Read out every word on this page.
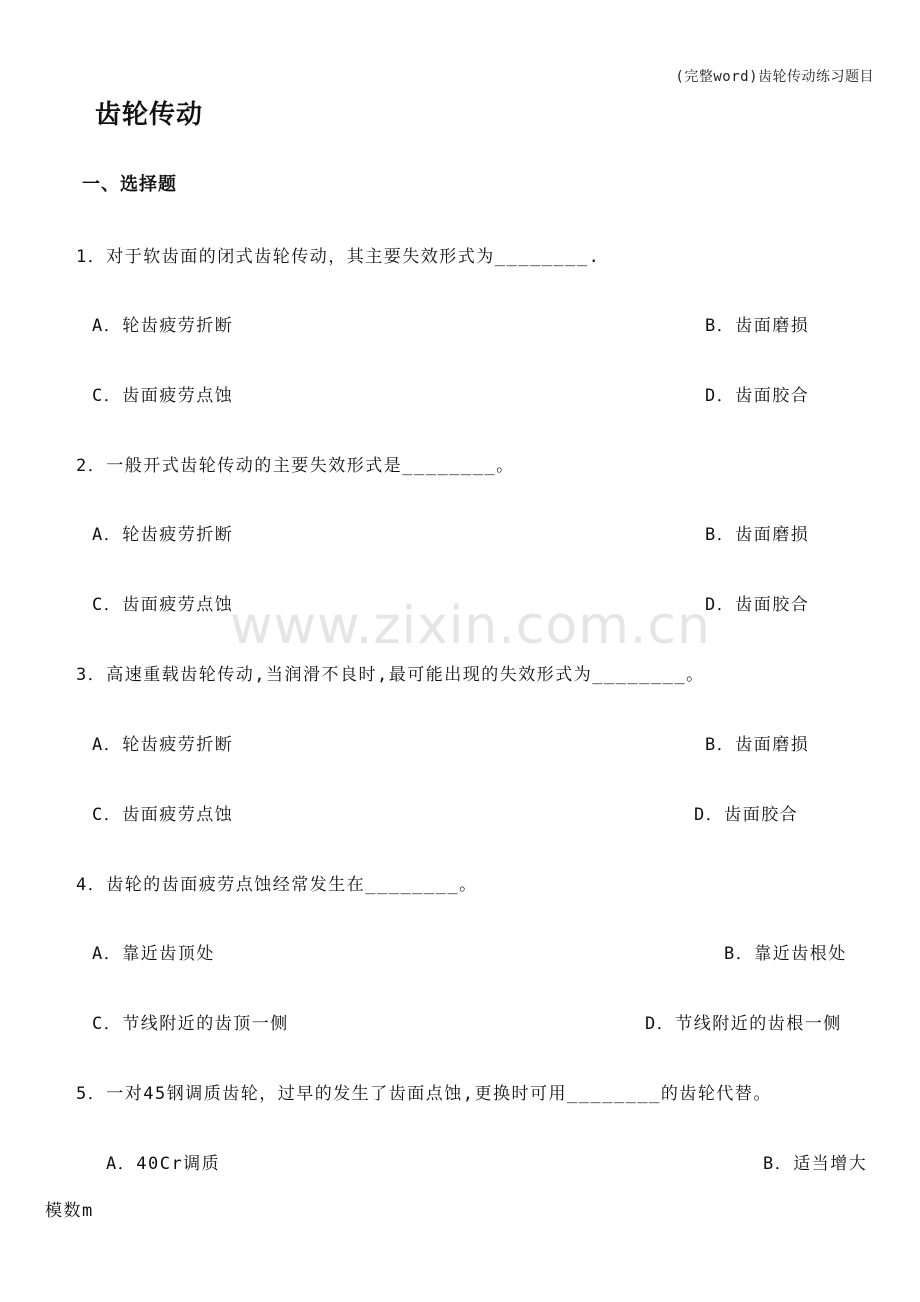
(完整word)齿轮传动练习题目
齿轮传动
一、选择题
1．对于软齿面的闭式齿轮传动，其主要失效形式为________.
A．轮齿疲劳折断	B．齿面磨损
C．齿面疲劳点蚀	D．齿面胶合
2．一般开式齿轮传动的主要失效形式是________。
A．轮齿疲劳折断	B．齿面磨损
C．齿面疲劳点蚀	D．齿面胶合
www.zixin.com.cn
3．高速重载齿轮传动,当润滑不良时,最可能出现的失效形式为________。
A．轮齿疲劳折断	B．齿面磨损
C．齿面疲劳点蚀	D．齿面胶合
4．齿轮的齿面疲劳点蚀经常发生在________。
A．靠近齿顶处	B．靠近齿根处
C．节线附近的齿顶一侧	D．节线附近的齿根一侧
5．一对45钢调质齿轮，过早的发生了齿面点蚀,更换时可用________的齿轮代替。
A．40Cr调质	B．适当增大
模数m
